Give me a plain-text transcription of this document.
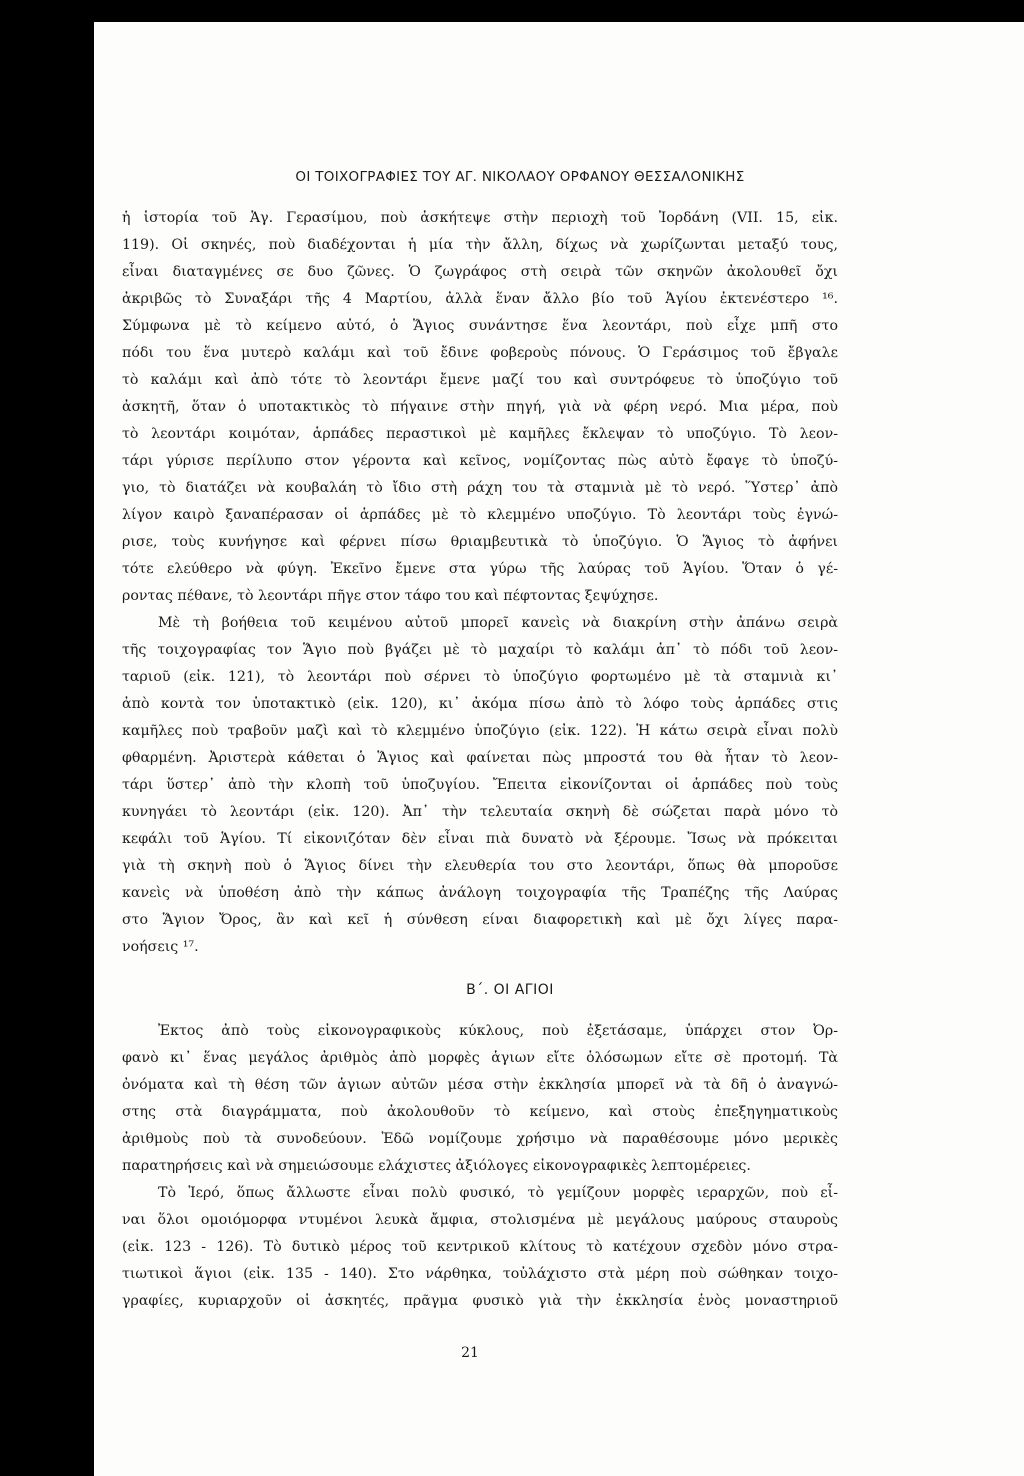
ΟΙ ΤΟΙΧΟΓΡΑΦΙΕΣ ΤΟΥ ΑΓ. ΝΙΚΟΛΑΟΥ ΟΡΦΑΝΟΥ ΘΕΣΣΑΛΟΝΙΚΗΣ
ἡ ἱστορία τοῦ Ἁγ. Γερασίμου, ποὺ ἀσκήτεψε στὴν περιοχὴ τοῦ Ἰορδάνη (VII. 15, εἰκ.
119). Οἱ σκηνές, ποὺ διαδέχονται ἡ μία τὴν ἄλλη, δίχως νὰ χωρίζωνται μεταξύ τους,
εἶναι διαταγμένες σε δυο ζῶνες. Ὁ ζωγράφος στὴ σειρὰ τῶν σκηνῶν ἀκολουθεῖ ὄχι
ἀκριβῶς τὸ Συναξάρι τῆς 4 Μαρτίου, ἀλλὰ ἕναν ἄλλο βίο τοῦ Ἁγίου ἐκτενέστερο ¹⁶.
Σύμφωνα μὲ τὸ κείμενο αὐτό, ὁ Ἅγιος συνάντησε ἕνα λεοντάρι, ποὺ εἶχε μπῆ στο
πόδι του ἕνα μυτερὸ καλάμι καὶ τοῦ ἔδινε φοβεροὺς πόνους. Ὁ Γεράσιμος τοῦ ἔβγαλε
τὸ καλάμι καὶ ἀπὸ τότε τὸ λεοντάρι ἔμενε μαζί του καὶ συντρόφευε τὸ ὑποζύγιο τοῦ
ἀσκητῆ, ὅταν ὁ υποτακτικὸς τὸ πήγαινε στὴν πηγή, γιὰ νὰ φέρη νερό. Μια μέρα, ποὺ
τὸ λεοντάρι κοιμόταν, ἁρπάδες περαστικοὶ μὲ καμῆλες ἔκλεψαν τὸ υποζύγιο. Τὸ λεον-
τάρι γύρισε περίλυπο στον γέροντα καὶ κεῖνος, νομίζοντας πὼς αὐτὸ ἔφαγε τὸ ὑποζύ-
γιο, τὸ διατάζει νὰ κουβαλάη τὸ ἴδιο στὴ ράχη του τὰ σταμνιὰ μὲ τὸ νερό. Ὕστερ᾽ ἀπὸ
λίγον καιρὸ ξαναπέρασαν οἱ ἁρπάδες μὲ τὸ κλεμμένο υποζύγιο. Τὸ λεοντάρι τοὺς ἐγνώ-
ρισε, τοὺς κυνήγησε καὶ φέρνει πίσω θριαμβευτικὰ τὸ ὑποζύγιο. Ὁ Ἅγιος τὸ ἀφήνει
τότε ελεύθερο νὰ φύγη. Ἐκεῖνο ἔμενε στα γύρω τῆς λαύρας τοῦ Ἁγίου. Ὅταν ὁ γέ-
ροντας πέθανε, τὸ λεοντάρι πῆγε στον τάφο του καὶ πέφτοντας ξεψύχησε.
Μὲ τὴ βοήθεια τοῦ κειμένου αὐτοῦ μπορεῖ κανεὶς νὰ διακρίνη στὴν ἀπάνω σειρὰ
τῆς τοιχογραφίας τον Ἅγιο ποὺ βγάζει μὲ τὸ μαχαίρι τὸ καλάμι ἀπ᾽ τὸ πόδι τοῦ λεον-
ταριοῦ (εἰκ. 121), τὸ λεοντάρι ποὺ σέρνει τὸ ὑποζύγιο φορτωμένο μὲ τὰ σταμνιὰ κι᾽
ἀπὸ κοντὰ τον ὑποτακτικὸ (εἰκ. 120), κι᾽ ἀκόμα πίσω ἀπὸ τὸ λόφο τοὺς ἁρπάδες στις
καμῆλες ποὺ τραβοῦν μαζὶ καὶ τὸ κλεμμένο ὑποζύγιο (εἰκ. 122). Ἡ κάτω σειρὰ εἶναι πολὺ
φθαρμένη. Ἀριστερὰ κάθεται ὁ Ἅγιος καὶ φαίνεται πὼς μπροστά του θὰ ἦταν τὸ λεον-
τάρι ὕστερ᾽ ἀπὸ τὴν κλοπὴ τοῦ ὑποζυγίου. Ἔπειτα εἰκονίζονται οἱ ἁρπάδες ποὺ τοὺς
κυνηγάει τὸ λεοντάρι (εἰκ. 120). Ἀπ᾽ τὴν τελευταία σκηνὴ δὲ σώζεται παρὰ μόνο τὸ
κεφάλι τοῦ Ἁγίου. Τί εἰκονιζόταν δὲν εἶναι πιὰ δυνατὸ νὰ ξέρουμε. Ἴσως νὰ πρόκειται
γιὰ τὴ σκηνὴ ποὺ ὁ Ἅγιος δίνει τὴν ελευθερία του στο λεοντάρι, ὅπως θὰ μποροῦσε
κανεὶς νὰ ὑποθέση ἀπὸ τὴν κάπως ἀνάλογη τοιχογραφία τῆς Τραπέζης τῆς Λαύρας
στο Ἅγιον Ὄρος, ἂν καὶ κεῖ ἡ σύνθεση είναι διαφορετικὴ καὶ μὲ ὄχι λίγες παρα-
νοήσεις ¹⁷.
Β΄. ΟΙ ΑΓΙΟΙ
Ἐκτος ἀπὸ τοὺς εἰκονογραφικοὺς κύκλους, ποὺ ἐξετάσαμε, ὑπάρχει στον Ὀρ-
φανὸ κι᾽ ἕνας μεγάλος ἀριθμὸς ἀπὸ μορφὲς ἁγιων εἴτε ὁλόσωμων εἴτε σὲ προτομή. Τὰ
ὀνόματα καὶ τὴ θέση τῶν ἁγιων αὐτῶν μέσα στὴν ἐκκλησία μπορεῖ νὰ τὰ δῆ ὁ ἀναγνώ-
στης στὰ διαγράμματα, ποὺ ἀκολουθοῦν τὸ κείμενο, καὶ στοὺς ἐπεξηγηματικοὺς
ἀριθμοὺς ποὺ τὰ συνοδεύουν. Ἐδῶ νομίζουμε χρήσιμο νὰ παραθέσουμε μόνο μερικὲς
παρατηρήσεις καὶ νὰ σημειώσουμε ελάχιστες ἀξιόλογες εἰκονογραφικὲς λεπτομέρειες.
Τὸ Ἱερό, ὅπως ἄλλωστε εἶναι πολὺ φυσικό, τὸ γεμίζουν μορφὲς ιεραρχῶν, ποὺ εἶ-
ναι ὅλοι ομοιόμορφα ντυμένοι λευκὰ ἄμφια, στολισμένα μὲ μεγάλους μαύρους σταυροὺς
(εἰκ. 123 - 126). Τὸ δυτικὸ μέρος τοῦ κεντρικοῦ κλίτους τὸ κατέχουν σχεδὸν μόνο στρα-
τιωτικοὶ ἅγιοι (εἰκ. 135 - 140). Στο νάρθηκα, τοὐλάχιστο στὰ μέρη ποὺ σώθηκαν τοιχο-
γραφίες, κυριαρχοῦν οἱ ἀσκητές, πρᾶγμα φυσικὸ γιὰ τὴν ἐκκλησία ἑνὸς μοναστηριοῦ
21
